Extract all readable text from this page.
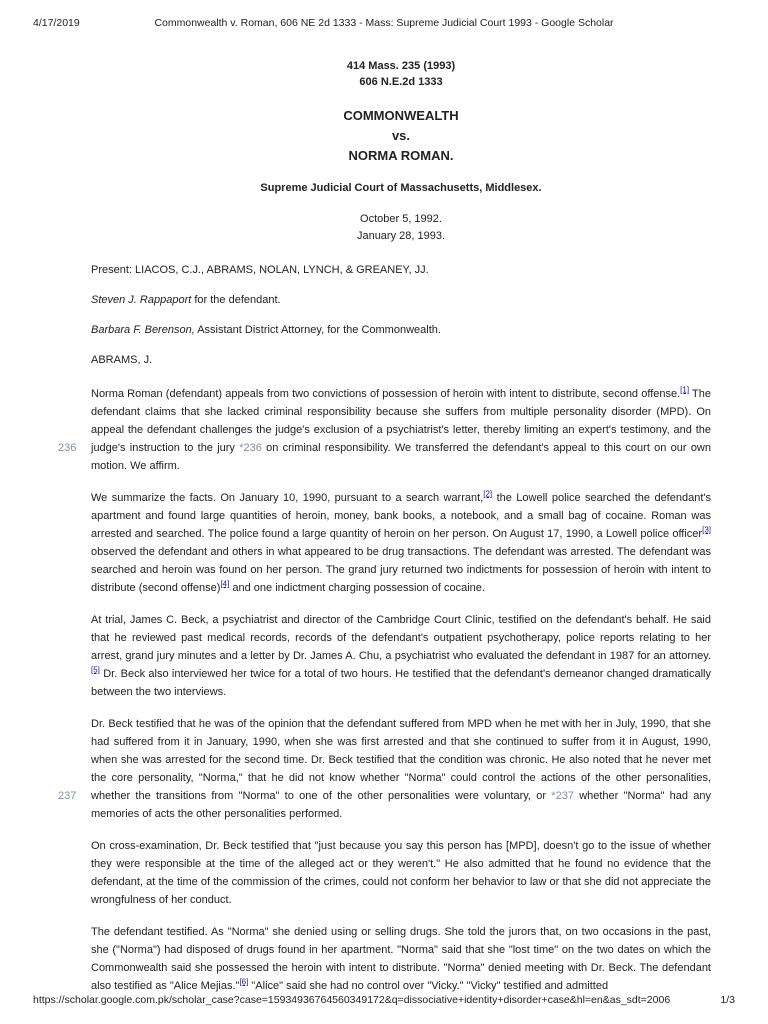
4/17/2019	Commonwealth v. Roman, 606 NE 2d 1333 - Mass: Supreme Judicial Court 1993 - Google Scholar
414 Mass. 235 (1993)
606 N.E.2d 1333
COMMONWEALTH
vs.
NORMA ROMAN.
Supreme Judicial Court of Massachusetts, Middlesex.
October 5, 1992.
January 28, 1993.

Present: LIACOS, C.J., ABRAMS, NOLAN, LYNCH, & GREANEY, JJ.

Steven J. Rappaport for the defendant.

Barbara F. Berenson, Assistant District Attorney, for the Commonwealth.

ABRAMS, J.

236
Norma Roman (defendant) appeals from two convictions of possession of heroin with intent to distribute, second offense.[1] The defendant claims that she lacked criminal responsibility because she suffers from multiple personality disorder (MPD). On appeal the defendant challenges the judge's exclusion of a psychiatrist's letter, thereby limiting an expert's testimony, and the judge's instruction to the jury *236 on criminal responsibility. We transferred the defendant's appeal to this court on our own motion. We affirm.

We summarize the facts. On January 10, 1990, pursuant to a search warrant,[2] the Lowell police searched the defendant's apartment and found large quantities of heroin, money, bank books, a notebook, and a small bag of cocaine. Roman was arrested and searched. The police found a large quantity of heroin on her person. On August 17, 1990, a Lowell police officer[3] observed the defendant and others in what appeared to be drug transactions. The defendant was arrested. The defendant was searched and heroin was found on her person. The grand jury returned two indictments for possession of heroin with intent to distribute (second offense)[4] and one indictment charging possession of cocaine.

At trial, James C. Beck, a psychiatrist and director of the Cambridge Court Clinic, testified on the defendant's behalf. He said that he reviewed past medical records, records of the defendant's outpatient psychotherapy, police reports relating to her arrest, grand jury minutes and a letter by Dr. James A. Chu, a psychiatrist who evaluated the defendant in 1987 for an attorney.[5] Dr. Beck also interviewed her twice for a total of two hours. He testified that the defendant's demeanor changed dramatically between the two interviews.

237
Dr. Beck testified that he was of the opinion that the defendant suffered from MPD when he met with her in July, 1990, that she had suffered from it in January, 1990, when she was first arrested and that she continued to suffer from it in August, 1990, when she was arrested for the second time. Dr. Beck testified that the condition was chronic. He also noted that he never met the core personality, "Norma," that he did not know whether "Norma" could control the actions of the other personalities, whether the transitions from "Norma" to one of the other personalities were voluntary, or *237 whether "Norma" had any memories of acts the other personalities performed.

On cross-examination, Dr. Beck testified that "just because you say this person has [MPD], doesn't go to the issue of whether they were responsible at the time of the alleged act or they weren't." He also admitted that he found no evidence that the defendant, at the time of the commission of the crimes, could not conform her behavior to law or that she did not appreciate the wrongfulness of her conduct.

The defendant testified. As "Norma" she denied using or selling drugs. She told the jurors that, on two occasions in the past, she ("Norma") had disposed of drugs found in her apartment. "Norma" said that she "lost time" on the two dates on which the Commonwealth said she possessed the heroin with intent to distribute. "Norma" denied meeting with Dr. Beck. The defendant also testified as "Alice Mejias."[6] "Alice" said she had no control over "Vicky." "Vicky" testified and admitted

https://scholar.google.com.pk/scholar_case?case=15934936764560349172&q=dissociative+identity+disorder+case&hl=en&as_sdt=2006	1/3
